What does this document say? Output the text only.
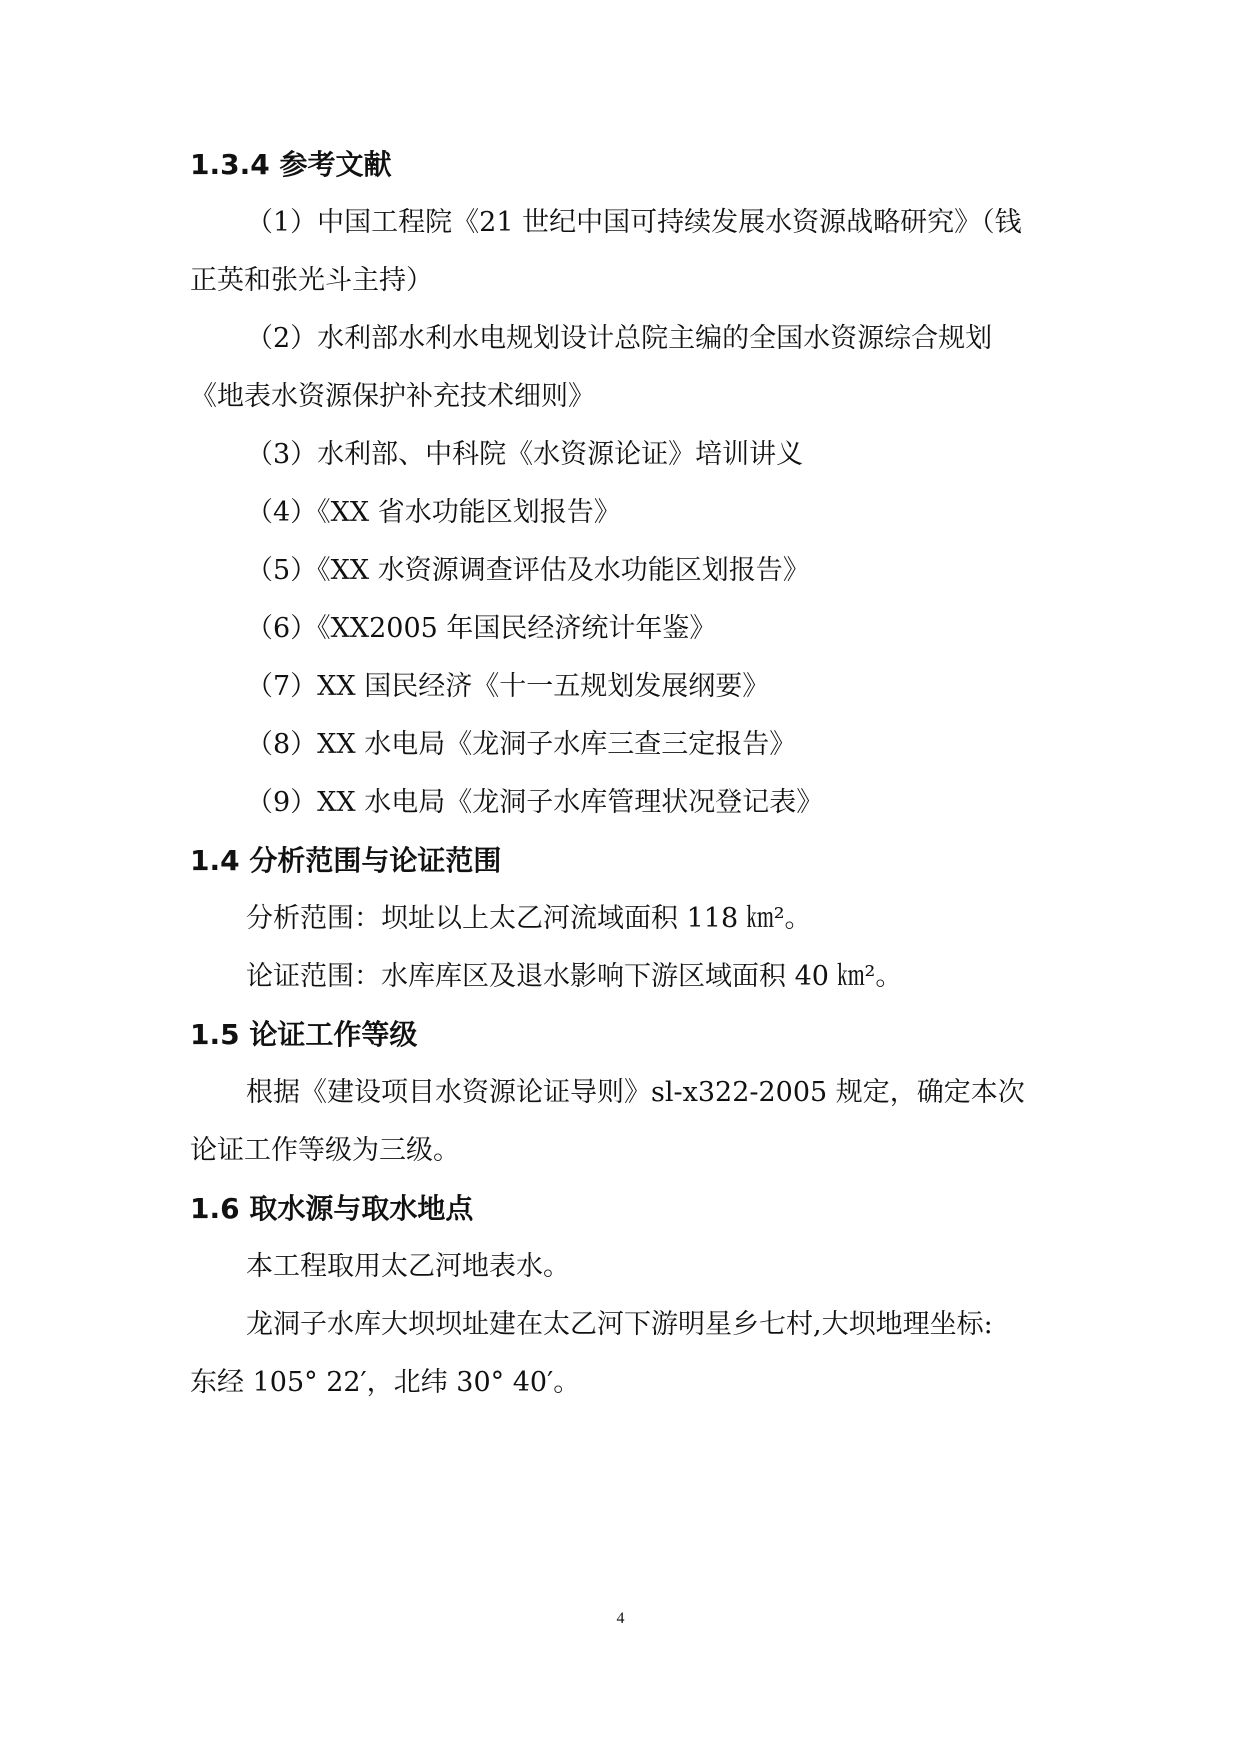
1.3.4 参考文献
（1）中国工程院《21 世纪中国可持续发展水资源战略研究》（钱
正英和张光斗主持）
（2）水利部水利水电规划设计总院主编的全国水资源综合规划
《地表水资源保护补充技术细则》
（3）水利部、中科院《水资源论证》培训讲义
（4）《XX 省水功能区划报告》
（5）《XX 水资源调查评估及水功能区划报告》
（6）《XX2005 年国民经济统计年鉴》
（7）XX 国民经济《十一五规划发展纲要》
（8）XX 水电局《龙洞子水库三查三定报告》
（9）XX 水电局《龙洞子水库管理状况登记表》
1.4 分析范围与论证范围
分析范围：坝址以上太乙河流域面积 118 ㎞²。
论证范围：水库库区及退水影响下游区域面积 40 ㎞²。
1.5 论证工作等级
根据《建设项目水资源论证导则》sl-x322-2005 规定，确定本次
论证工作等级为三级。
1.6 取水源与取水地点
本工程取用太乙河地表水。
龙洞子水库大坝坝址建在太乙河下游明星乡七村,大坝地理坐标:
东经 105° 22′，北纬 30° 40′。
4
